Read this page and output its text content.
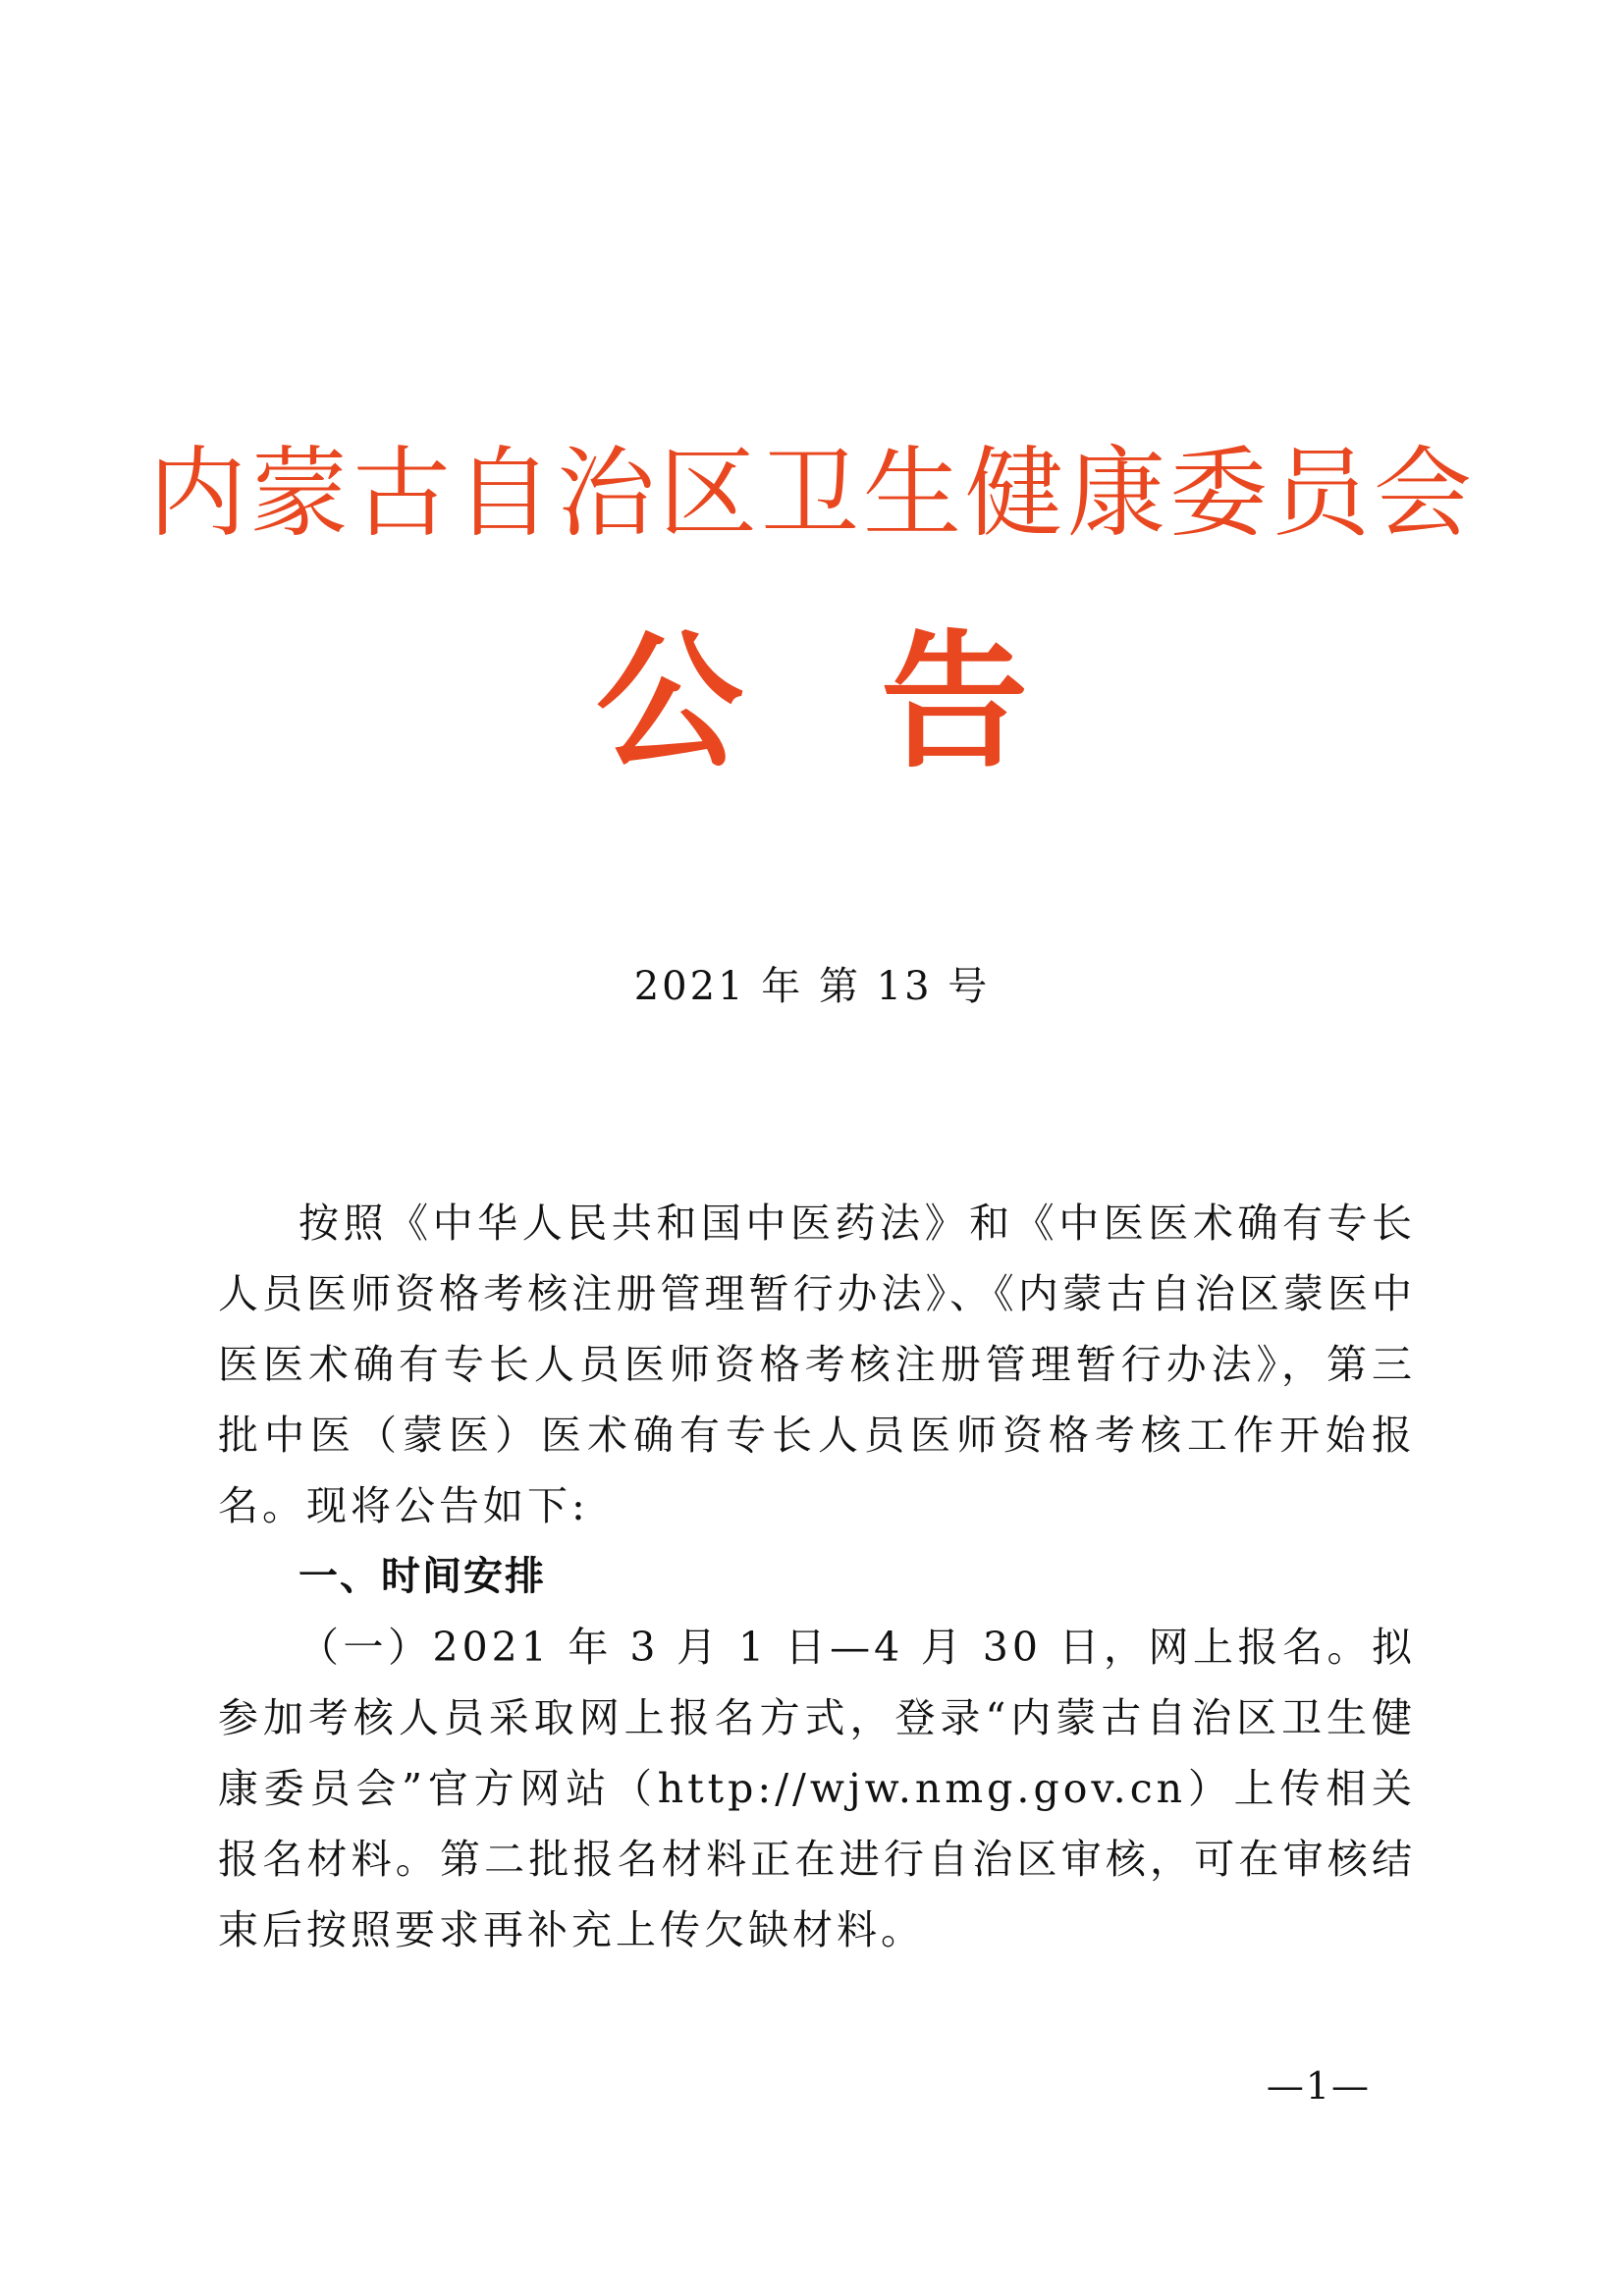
内蒙古自治区卫生健康委员会
公 告
2021 年 第 13 号

按照《中华人民共和国中医药法》和《中医医术确有专长人员医师资格考核注册管理暂行办法》、《内蒙古自治区蒙医中医医术确有专长人员医师资格考核注册管理暂行办法》，第三批中医（蒙医）医术确有专长人员医师资格考核工作开始报名。现将公告如下:

一、时间安排

（一）2021 年 3 月 1 日—4 月 30 日，网上报名。拟参加考核人员采取网上报名方式，登录“内蒙古自治区卫生健康委员会”官方网站（http://wjw.nmg.gov.cn）上传相关报名材料。第二批报名材料正在进行自治区审核，可在审核结束后按照要求再补充上传欠缺材料。

—1—
